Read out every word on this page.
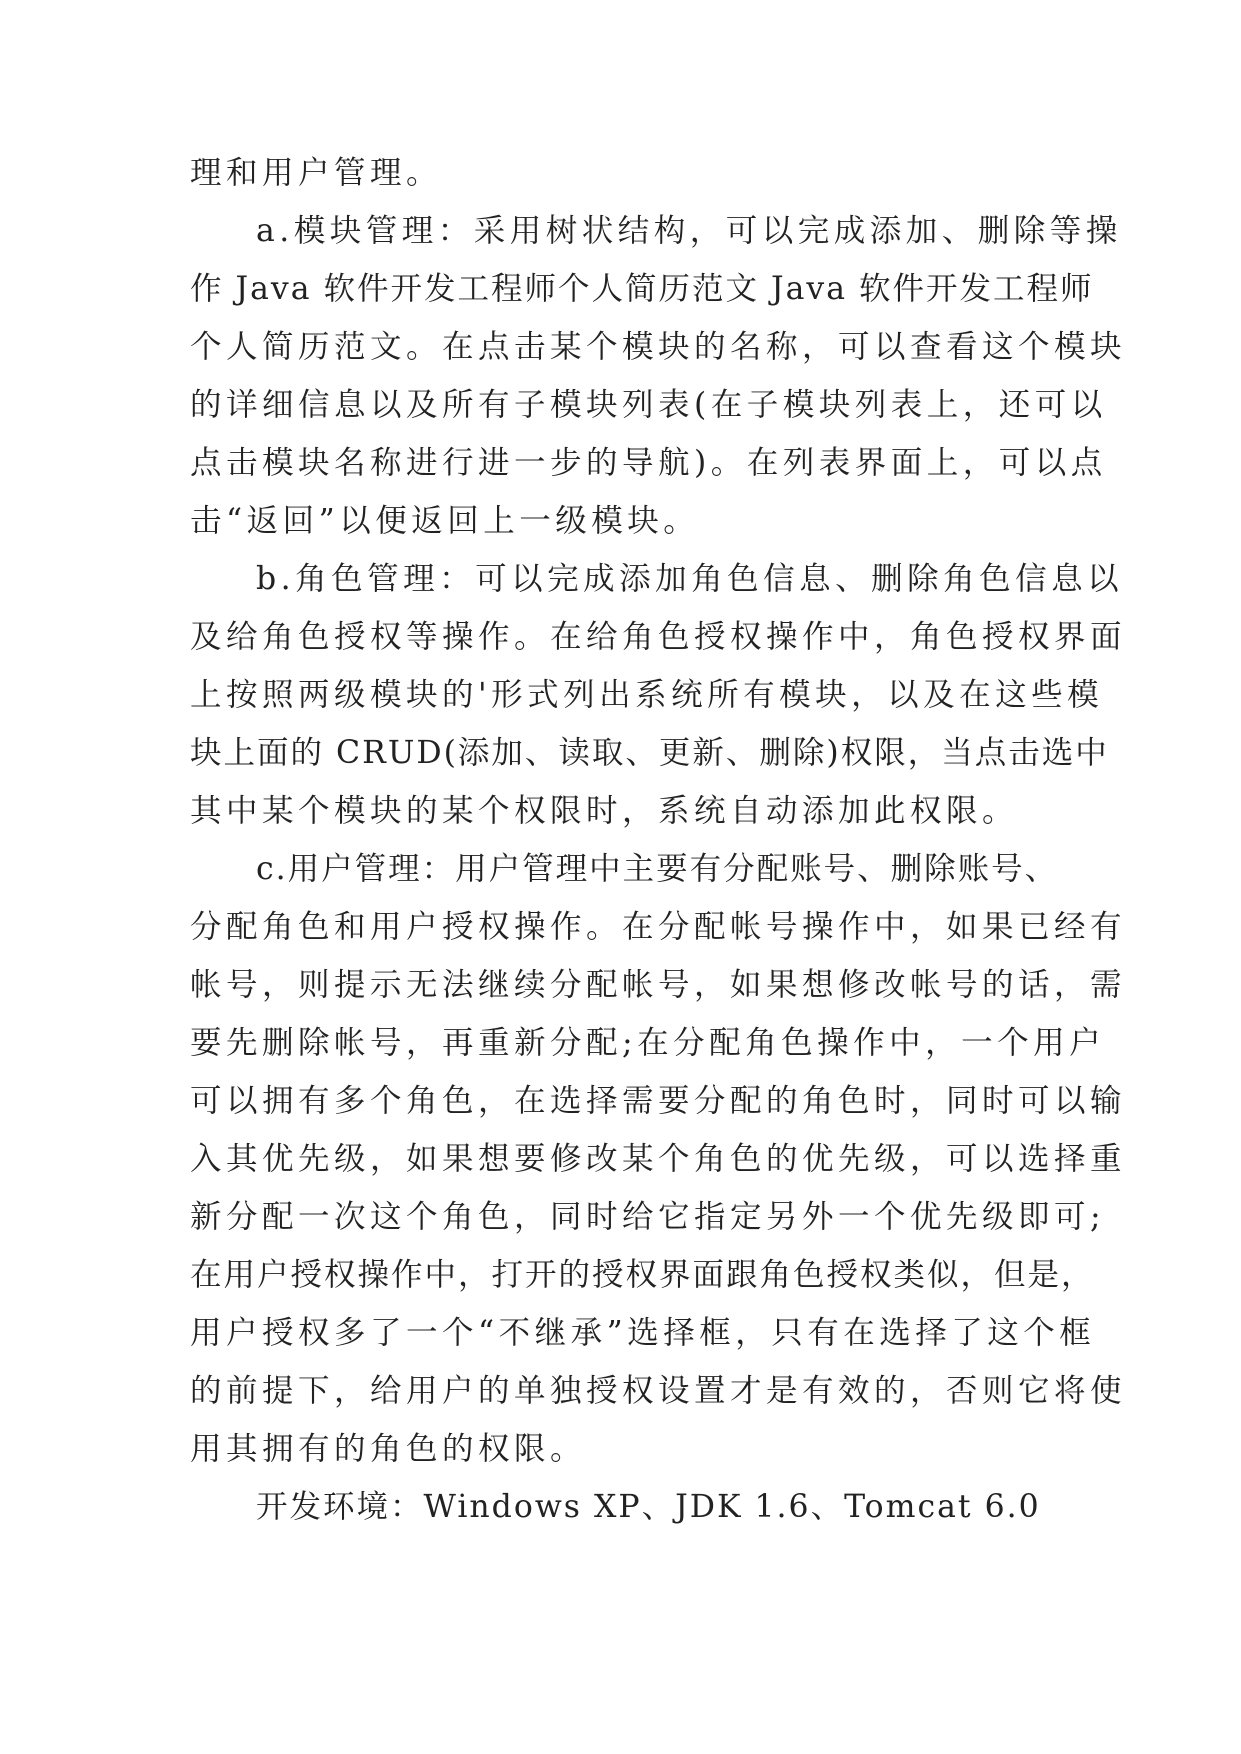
理和用户管理。
a.模块管理：采用树状结构，可以完成添加、删除等操
作 Java 软件开发工程师个人简历范文 Java 软件开发工程师
个人简历范文。在点击某个模块的名称，可以查看这个模块
的详细信息以及所有子模块列表(在子模块列表上，还可以
点击模块名称进行进一步的导航)。在列表界面上，可以点
击“返回”以便返回上一级模块。
b.角色管理：可以完成添加角色信息、删除角色信息以
及给角色授权等操作。在给角色授权操作中，角色授权界面
上按照两级模块的'形式列出系统所有模块，以及在这些模
块上面的 CRUD(添加、读取、更新、删除)权限，当点击选中
其中某个模块的某个权限时，系统自动添加此权限。
c.用户管理：用户管理中主要有分配账号、删除账号、
分配角色和用户授权操作。在分配帐号操作中，如果已经有
帐号，则提示无法继续分配帐号，如果想修改帐号的话，需
要先删除帐号，再重新分配;在分配角色操作中，一个用户
可以拥有多个角色，在选择需要分配的角色时，同时可以输
入其优先级，如果想要修改某个角色的优先级，可以选择重
新分配一次这个角色，同时给它指定另外一个优先级即可;
在用户授权操作中，打开的授权界面跟角色授权类似，但是，
用户授权多了一个“不继承”选择框，只有在选择了这个框
的前提下，给用户的单独授权设置才是有效的，否则它将使
用其拥有的角色的权限。
开发环境：Windows XP、JDK 1.6、Tomcat 6.0
